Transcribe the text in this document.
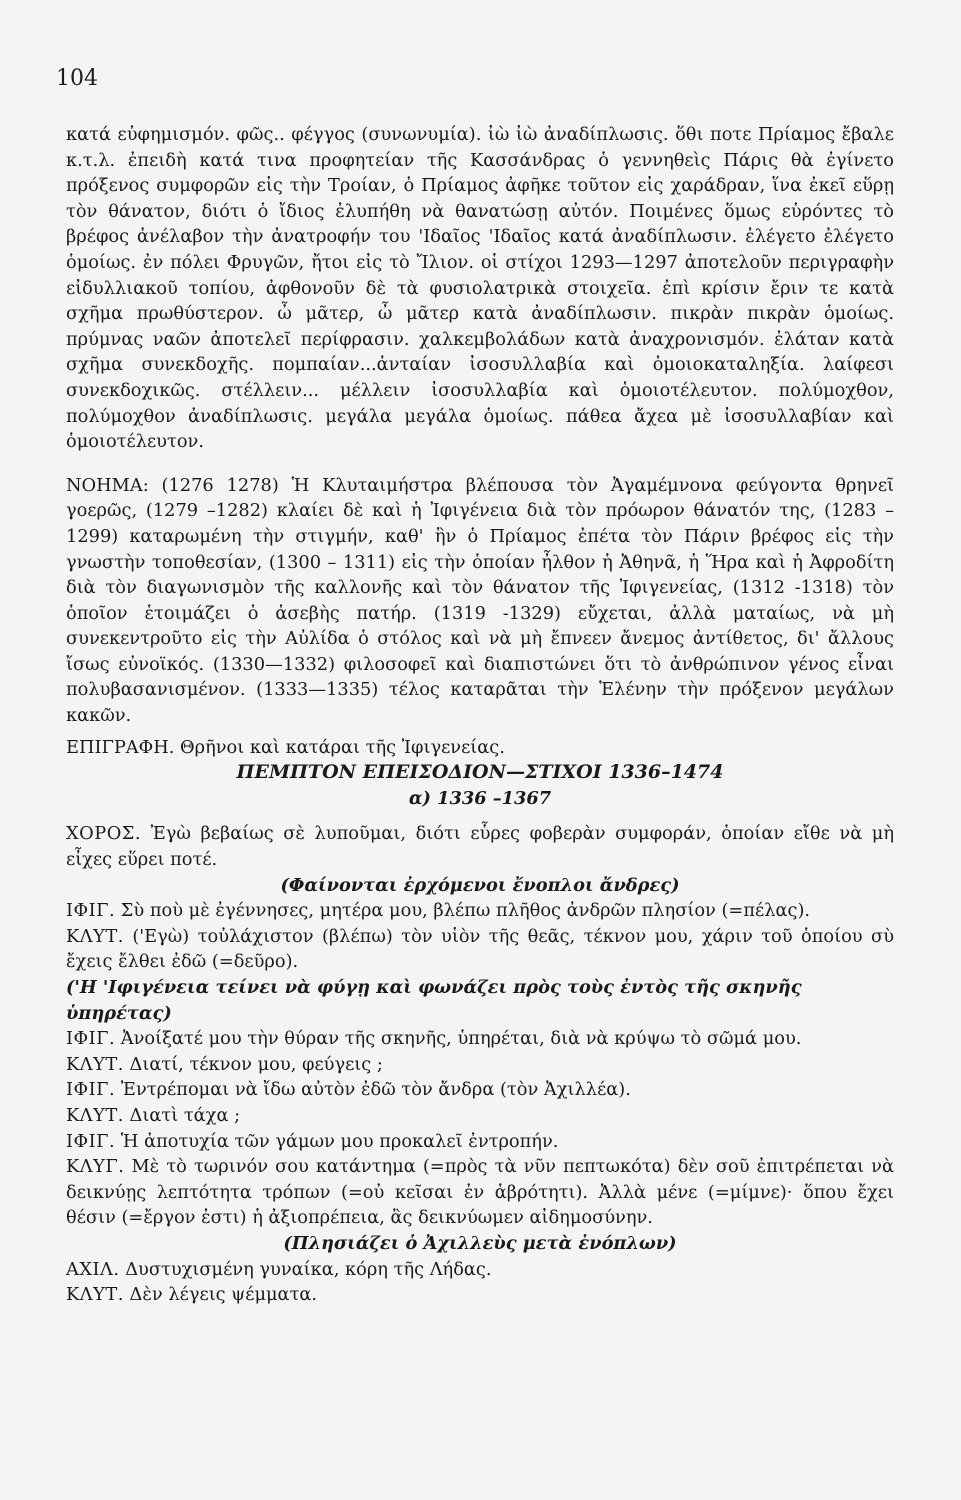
104

κατά εὐφημισμόν. φῶς.. φέγγος (συνωνυμία). ἰὼ ἰὼ ἀναδίπλωσις. ὅθι ποτε Πρίαμος ἔβαλε κ.τ.λ. ἐπειδὴ κατά τινα προφητείαν τῆς Κασσάνδρας ὁ γεννηθεὶς Πάρις θὰ ἐγίνετο πρόξενος συμφορῶν εἰς τὴν Τροίαν, ὁ Πρίαμος ἀφῆκε τοῦτον εἰς χαράδραν, ἵνα ἐκεῖ εὕρῃ τὸν θάνατον, διότι ὁ ἴδιος ἐλυπήθη νὰ θανατώσῃ αὐτόν. Ποιμένες ὅμως εὑρόντες τὸ βρέφος ἀνέλαβον τὴν ἀνατροφήν του 'Ιδαῖος 'Ιδαῖος κατά ἀναδίπλωσιν. ἐλέγετο ἐλέγετο ὁμοίως. ἐν πόλει Φρυγῶν, ἤτοι εἰς τὸ Ἴλιον. οἱ στίχοι 1293—1297 ἀποτελοῦν περιγραφὴν εἰδυλλιακοῦ τοπίου, ἀφθονοῦν δὲ τὰ φυσιολατρικὰ στοιχεῖα. ἐπὶ κρίσιν ἔριν τε κατὰ σχῆμα πρωθύστερον. ὦ μᾶτερ, ὦ μᾶτερ κατὰ ἀναδίπλωσιν. πικρὰν πικρὰν ὁμοίως. πρύμνας ναῶν ἀποτελεῖ περίφρασιν. χαλκεμβολάδων κατὰ ἀναχρονισμόν. ἐλάταν κατὰ σχῆμα συνεκδοχῆς. πομπαίαν...ἀνταίαν ἰσοσυλλαβία καὶ ὁμοιοκαταληξία. λαίφεσι συνεκδοχικῶς. στέλλειν... μέλλειν ἰσοσυλλαβία καὶ ὁμοιοτέλευτον. πολύμοχθον, πολύμοχθον ἀναδίπλωσις. μεγάλα μεγάλα ὁμοίως. πάθεα ἄχεα μὲ ἰσοσυλλαβίαν καὶ ὁμοιοτέλευτον.

ΝΟΗΜΑ: (1276 1278) Ἡ Κλυταιμήστρα βλέπουσα τὸν Ἀγαμέμνονα φεύγοντα θρηνεῖ γοερῶς, (1279 –1282) κλαίει δὲ καὶ ἡ Ἰφιγένεια διὰ τὸν πρόωρον θάνατόν της, (1283 –1299) καταρωμένη τὴν στιγμήν, καθ' ἣν ὁ Πρίαμος ἐπέτα τὸν Πάριν βρέφος εἰς τὴν γνωστὴν τοποθεσίαν, (1300 – 1311) εἰς τὴν ὁποίαν ἦλθον ἡ Ἀθηνᾶ, ἡ Ἥρα καὶ ἡ Ἀφροδίτη διὰ τὸν διαγωνισμὸν τῆς καλλονῆς καὶ τὸν θάνατον τῆς Ἰφιγενείας, (1312 -1318) τὸν ὁποῖον ἑτοιμάζει ὁ ἀσεβὴς πατήρ. (1319 -1329) εὔχεται, ἀλλὰ ματαίως, νὰ μὴ συνεκεντροῦτο εἰς τὴν Αὐλίδα ὁ στόλος καὶ νὰ μὴ ἔπνεεν ἄνεμος ἀντίθετος, δι' ἄλλους ἴσως εὐνοϊκός. (1330—1332) φιλοσοφεῖ καὶ διαπιστώνει ὅτι τὸ ἀνθρώπινον γένος εἶναι πολυβασανισμένον. (1333—1335) τέλος καταρᾶται τὴν Ἑλένην τὴν πρόξενον μεγάλων κακῶν.

ΕΠΙΓΡΑΦΗ. Θρῆνοι καὶ κατάραι τῆς Ἰφιγενείας.

ΠΕΜΠΤΟΝ ΕΠΕΙΣΟΔΙΟΝ—ΣΤΙΧΟΙ 1336–1474

α) 1336 –1367

ΧΟΡΟΣ. Ἐγὼ βεβαίως σὲ λυποῦμαι, διότι εὗρες φοβερὰν συμφοράν, ὁποίαν εἴθε νὰ μὴ εἶχες εὕρει ποτέ.

(Φαίνονται ἐρχόμενοι ἔνοπλοι ἄνδρες)

ΙΦΙΓ. Σὺ ποὺ μὲ ἐγέννησες, μητέρα μου, βλέπω πλῆθος ἀνδρῶν πλησίον (=πέλας).

ΚΛΥΤ. ('Εγὼ) τοὐλάχιστον (βλέπω) τὸν υἱὸν τῆς θεᾶς, τέκνον μου, χάριν τοῦ ὁποίου σὺ ἔχεις ἔλθει ἐδῶ (=δεῦρο).

('Η 'Ιφιγένεια τείνει νὰ φύγῃ καὶ φωνάζει πρὸς τοὺς ἐντὸς τῆς σκηνῆς ὑπηρέτας)

ΙΦΙΓ. Ἀνοίξατέ μου τὴν θύραν τῆς σκηνῆς, ὑπηρέται, διὰ νὰ κρύψω τὸ σῶμά μου.

ΚΛΥΤ. Διατί, τέκνον μου, φεύγεις ;

ΙΦΙΓ. Ἐντρέπομαι νὰ ἴδω αὐτὸν ἐδῶ τὸν ἄνδρα (τὸν Ἀχιλλέα).

ΚΛΥΤ. Διατὶ τάχα ;

ΙΦΙΓ. Ἡ ἀποτυχία τῶν γάμων μου προκαλεῖ ἐντροπήν.

ΚΛΥΓ. Μὲ τὸ τωρινόν σου κατάντημα (=πρὸς τὰ νῦν πεπτωκότα) δὲν σοῦ ἐπιτρέπεται νὰ δεικνύῃς λεπτότητα τρόπων (=οὐ κεῖσαι ἐν ἁβρότητι). Ἀλλὰ μένε (=μίμνε)· ὅπου ἔχει θέσιν (=ἔργον ἐστι) ἡ ἀξιοπρέπεια, ἂς δεικνύωμεν αἰδημοσύνην.

(Πλησιάζει ὁ Ἀχιλλεὺς μετὰ ἐνόπλων)

ΑΧΙΛ. Δυστυχισμένη γυναίκα, κόρη τῆς Λήδας.

ΚΛΥΤ. Δὲν λέγεις ψέμματα.
